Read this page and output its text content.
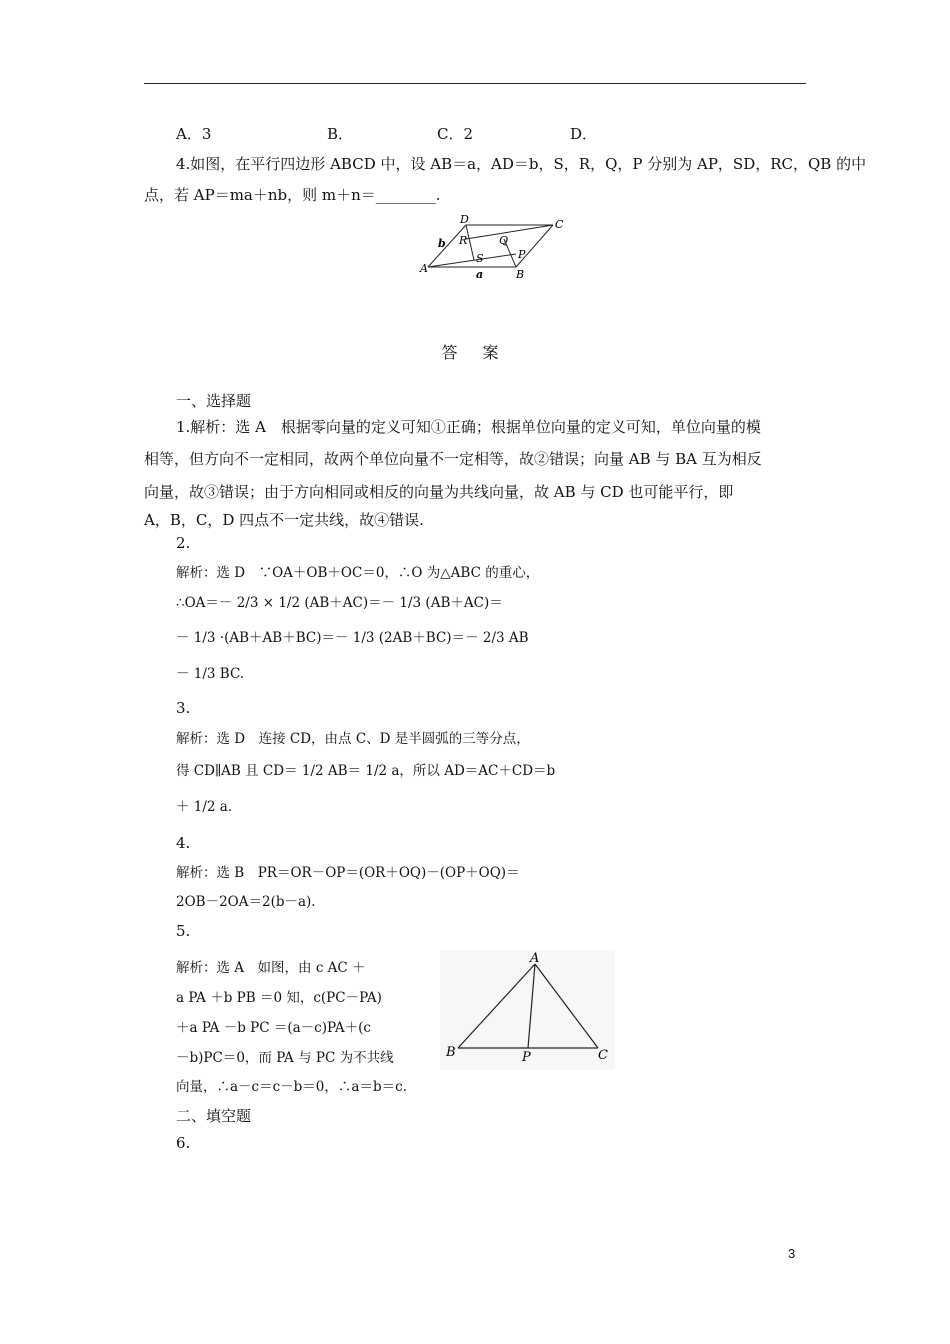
A．3	B．	C．2	D．
4.如图，在平行四边形 ABCD 中，设 AB＝a，AD＝b，S，R，Q，P 分别为 AP，SD，RC，QB 的中
点，若 AP＝ma＋nb，则 m＋n＝________.
D	C
R	Q
P
S
b
A	a	B
答 案
一、选择题
1.解析：选 A　根据零向量的定义可知①正确；根据单位向量的定义可知，单位向量的模
相等，但方向不一定相同，故两个单位向量不一定相等，故②错误；向量 AB 与 BA 互为相反
向量，故③错误；由于方向相同或相反的向量为共线向量，故 AB 与 CD 也可能平行，即
A，B，C，D 四点不一定共线，故④错误.
2.
解析：选 D　∵OA＋OB＋OC＝0，∴O 为△ABC 的重心，
∴OA＝－ 2/3 × 1/2 (AB＋AC)＝－ 1/3 (AB＋AC)＝
－ 1/3 ·(AB＋AB＋BC)＝－ 1/3 (2AB＋BC)＝－ 2/3 AB
－ 1/3 BC.
3.
解析：选 D　连接 CD，由点 C、D 是半圆弧的三等分点，
得 CD∥AB 且 CD＝ 1/2 AB＝ 1/2 a，所以 AD＝AC＋CD＝b
＋ 1/2 a.
4.
解析：选 B　PR＝OR－OP＝(OR＋OQ)－(OP＋OQ)＝
2OB－2OA＝2(b－a).
5.
解析：选 A　如图，由 c AC ＋
a PA ＋b PB ＝0 知，c(PC－PA)
＋a PA －b PC ＝(a－c)PA＋(c
－b)PC＝0，而 PA 与 PC 为不共线
向量，∴a－c＝c－b＝0，∴a＝b＝c.
A
B	P	C
二、填空题
6.
3
